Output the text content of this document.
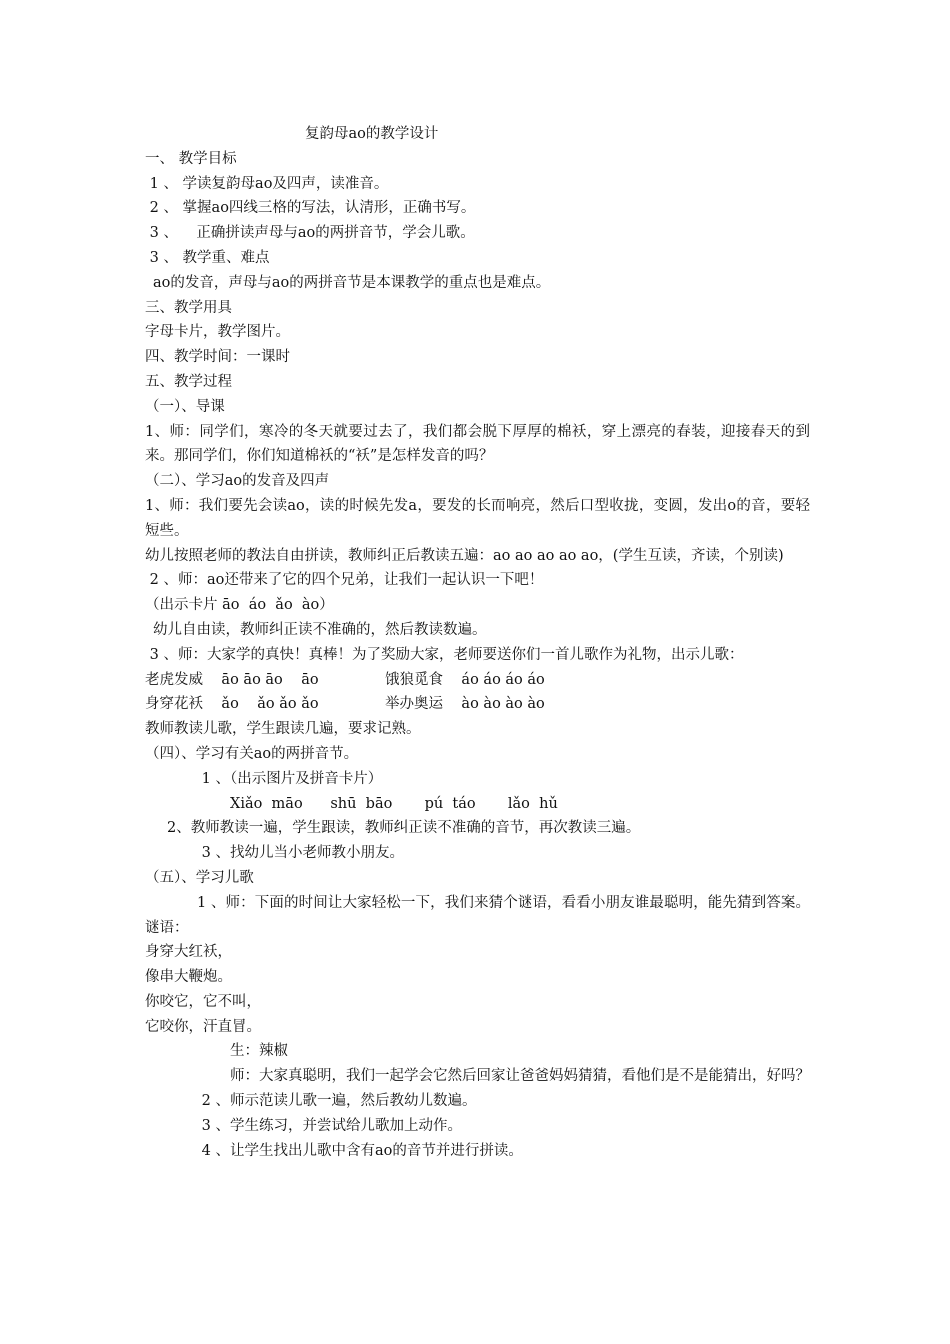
复韵母ao的教学设计

一、 教学目标

1 、 学读复韵母ao及四声，读准音。

2 、 掌握ao四线三格的写法，认清形，正确书写。

3 、    正确拼读声母与ao的两拼音节，学会儿歌。

3 、 教学重、难点

ao的发音，声母与ao的两拼音节是本课教学的重点也是难点。

三、教学用具

字母卡片，教学图片。

四、教学时间：一课时

五、教学过程

（一）、导课

1、师：同学们，寒冷的冬天就要过去了，我们都会脱下厚厚的棉袄，穿上漂亮的春装，迎接春天的到来。那同学们，你们知道棉袄的“袄”是怎样发音的吗？

（二）、学习ao的发音及四声

1、师：我们要先会读ao，读的时候先发a，要发的长而响亮，然后口型收拢，变圆，发出o的音，要轻短些。

幼儿按照老师的教法自由拼读，教师纠正后教读五遍：ao ao ao ao ao，(学生互读，齐读，个别读)

2 、师：ao还带来了它的四个兄弟，让我们一起认识一下吧！

（出示卡片 āo  áo  ǎo  ào）

幼儿自由读，教师纠正读不准确的，然后教读数遍。

3 、师：大家学的真快！真棒！为了奖励大家，老师要送你们一首儿歌作为礼物，出示儿歌：

老虎发威    āo āo āo    āo	饿狼觅食    áo áo áo áo
身穿花袄    ǎo    ǎo ǎo ǎo	举办奥运    ào ào ào ào

教师教读儿歌，学生跟读几遍，要求记熟。

（四）、学习有关ao的两拼音节。

1 、（出示图片及拼音卡片）

Xiǎo  māo      shū  bāo       pú  táo       lǎo  hǔ

2、教师教读一遍，学生跟读，教师纠正读不准确的音节，再次教读三遍。

3 、找幼儿当小老师教小朋友。

（五）、学习儿歌

1 、师：下面的时间让大家轻松一下，我们来猜个谜语，看看小朋友谁最聪明，能先猜到答案。谜语：

身穿大红袄，

像串大鞭炮。

你咬它，它不叫，

它咬你，汗直冒。

生：辣椒

师：大家真聪明，我们一起学会它然后回家让爸爸妈妈猜猜，看他们是不是能猜出，好吗？

2 、师示范读儿歌一遍，然后教幼儿数遍。

3 、学生练习，并尝试给儿歌加上动作。

4 、让学生找出儿歌中含有ao的音节并进行拼读。
